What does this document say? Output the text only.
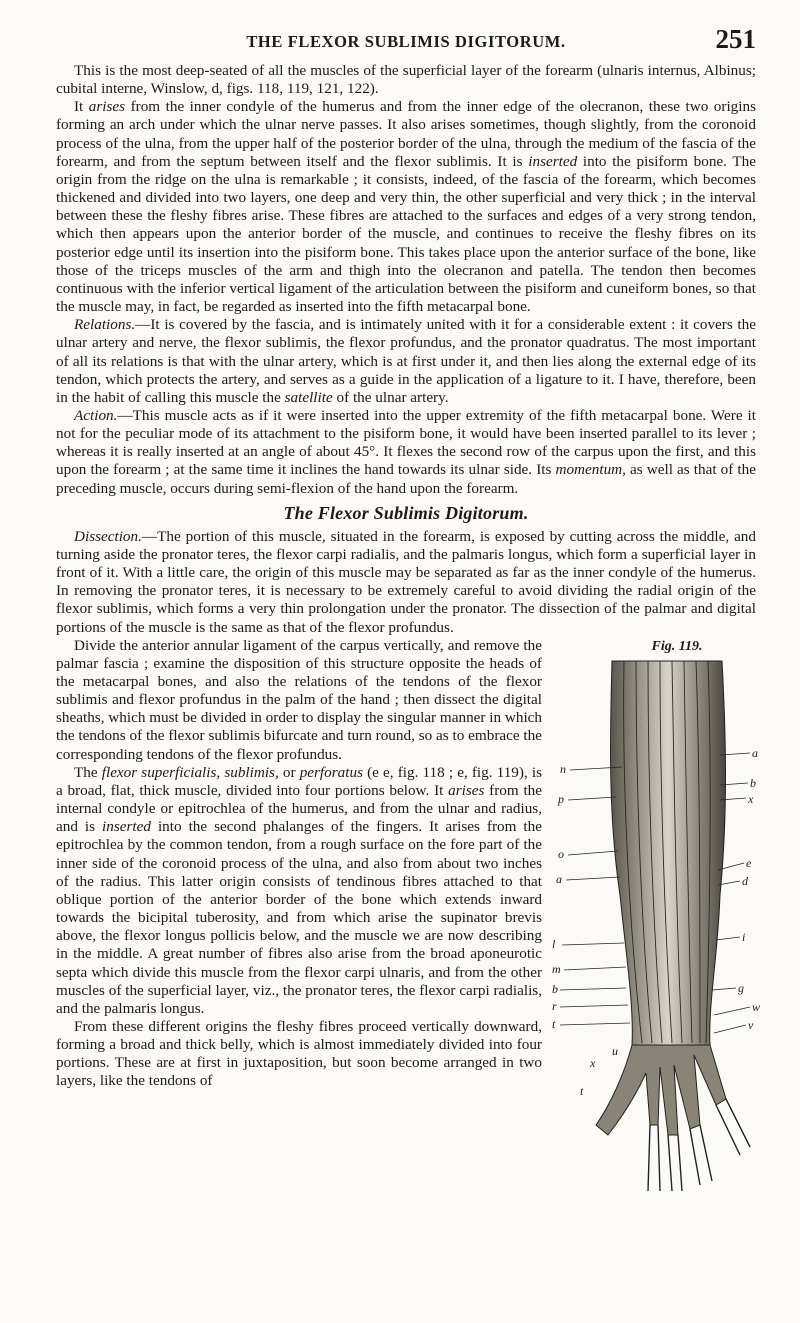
THE FLEXOR SUBLIMIS DIGITORUM.	251

This is the most deep-seated of all the muscles of the superficial layer of the forearm (ulnaris internus, Albinus; cubital interne, Winslow, d, figs. 118, 119, 121, 122).

It arises from the inner condyle of the humerus and from the inner edge of the olecranon, these two origins forming an arch under which the ulnar nerve passes. It also arises sometimes, though slightly, from the coronoid process of the ulna, from the upper half of the posterior border of the ulna, through the medium of the fascia of the forearm, and from the septum between itself and the flexor sublimis. It is inserted into the pisiform bone. The origin from the ridge on the ulna is remarkable ; it consists, indeed, of the fascia of the forearm, which becomes thickened and divided into two layers, one deep and very thin, the other superficial and very thick ; in the interval between these the fleshy fibres arise. These fibres are attached to the surfaces and edges of a very strong tendon, which then appears upon the anterior border of the muscle, and continues to receive the fleshy fibres on its posterior edge until its insertion into the pisiform bone. This takes place upon the anterior surface of the bone, like those of the triceps muscles of the arm and thigh into the olecranon and patella. The tendon then becomes continuous with the inferior vertical ligament of the articulation between the pisiform and cuneiform bones, so that the muscle may, in fact, be regarded as inserted into the fifth metacarpal bone.

Relations.—It is covered by the fascia, and is intimately united with it for a considerable extent : it covers the ulnar artery and nerve, the flexor sublimis, the flexor profundus, and the pronator quadratus. The most important of all its relations is that with the ulnar artery, which is at first under it, and then lies along the external edge of its tendon, which protects the artery, and serves as a guide in the application of a ligature to it. I have, therefore, been in the habit of calling this muscle the satellite of the ulnar artery.

Action.—This muscle acts as if it were inserted into the upper extremity of the fifth metacarpal bone. Were it not for the peculiar mode of its attachment to the pisiform bone, it would have been inserted parallel to its lever ; whereas it is really inserted at an angle of about 45°. It flexes the second row of the carpus upon the first, and this upon the forearm ; at the same time it inclines the hand towards its ulnar side. Its momentum, as well as that of the preceding muscle, occurs during semi-flexion of the hand upon the forearm.

The Flexor Sublimis Digitorum.

Dissection.—The portion of this muscle, situated in the forearm, is exposed by cutting across the middle, and turning aside the pronator teres, the flexor carpi radialis, and the palmaris longus, which form a superficial layer in front of it. With a little care, the origin of this muscle may be separated as far as the inner condyle of the humerus. In removing the pronator teres, it is necessary to be extremely careful to avoid dividing the radial origin of the flexor sublimis, which forms a very thin prolongation under the pronator. The dissection of the palmar and digital portions of the muscle is the same as that of the flexor profundus.

Fig. 119.
n
p
o
a
l
m
b
r
t
u
x
t
a
b
x
e
d
i
g
w
v

Divide the anterior annular ligament of the carpus vertically, and remove the palmar fascia ; examine the disposition of this structure opposite the heads of the metacarpal bones, and also the relations of the tendons of the flexor sublimis and flexor profundus in the palm of the hand ; then dissect the digital sheaths, which must be divided in order to display the singular manner in which the tendons of the flexor sublimis bifurcate and turn round, so as to embrace the corresponding tendons of the flexor profundus.

The flexor superficialis, sublimis, or perforatus (e e, fig. 118 ; e, fig. 119), is a broad, flat, thick muscle, divided into four portions below. It arises from the internal condyle or epitrochlea of the humerus, and from the ulnar and radius, and is inserted into the second phalanges of the fingers. It arises from the epitrochlea by the common tendon, from a rough surface on the fore part of the inner side of the coronoid process of the ulna, and also from about two inches of the radius. This latter origin consists of tendinous fibres attached to that oblique portion of the anterior border of the bone which extends inward towards the bicipital tuberosity, and from which arise the supinator brevis above, the flexor longus pollicis below, and the muscle we are now describing in the middle. A great number of fibres also arise from the broad aponeurotic septa which divide this muscle from the flexor carpi ulnaris, and from the other muscles of the superficial layer, viz., the pronator teres, the flexor carpi radialis, and the palmaris longus.

From these different origins the fleshy fibres proceed vertically downward, forming a broad and thick belly, which is almost immediately divided into four portions. These are at first in juxtaposition, but soon become arranged in two layers, like the tendons of
